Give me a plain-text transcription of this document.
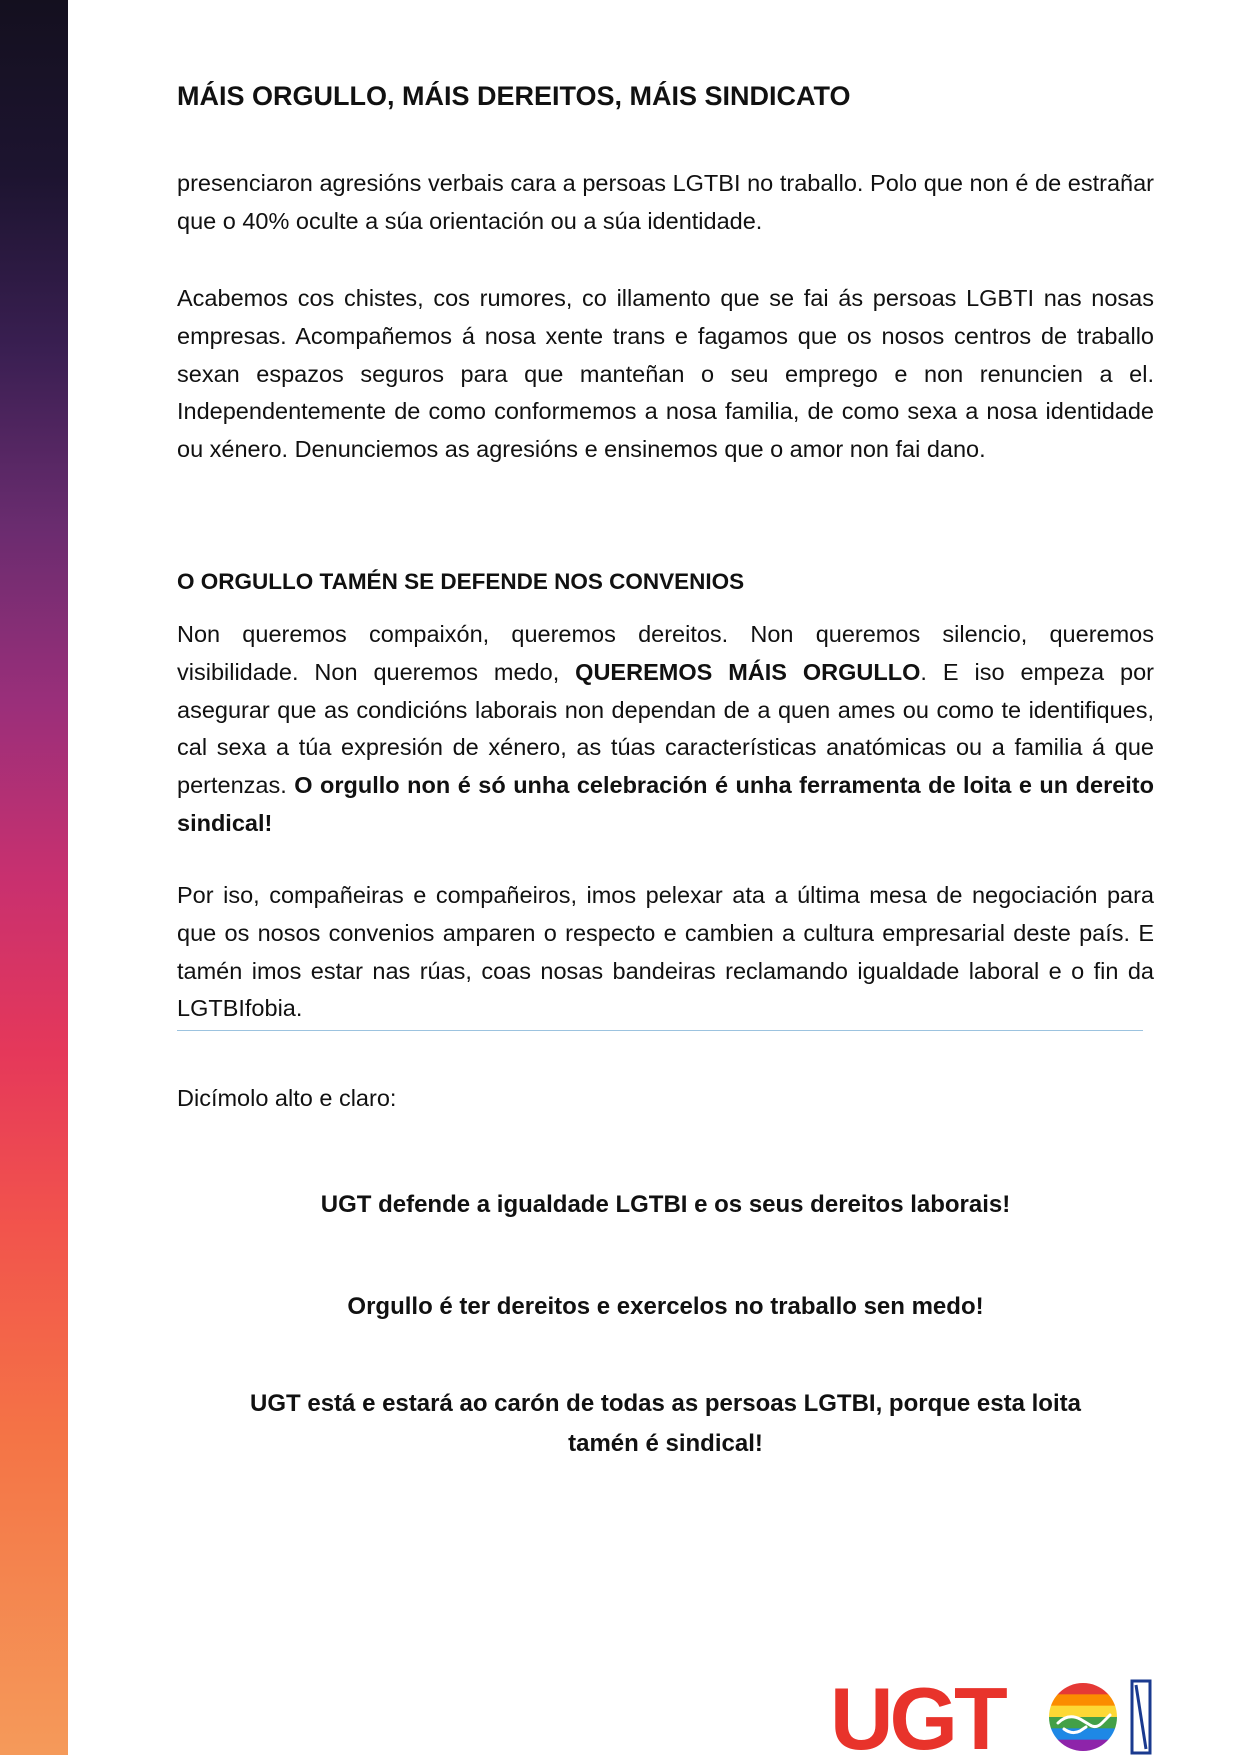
MÁIS ORGULLO, MÁIS DEREITOS, MÁIS SINDICATO

presenciaron agresións verbais cara a persoas LGTBI no traballo. Polo que non é de estrañar que o 40% oculte a súa orientación ou a súa identidade.

Acabemos cos chistes, cos rumores, co illamento que se fai ás persoas LGBTI nas nosas empresas. Acompañemos á nosa xente trans e fagamos que os nosos centros de traballo sexan espazos seguros para que manteñan o seu emprego e non renuncien a el. Independentemente de como conformemos a nosa familia, de como sexa a nosa identidade ou xénero. Denunciemos as agresións e ensinemos que o amor non fai dano.

O ORGULLO TAMÉN SE DEFENDE NOS CONVENIOS

Non queremos compaixón, queremos dereitos. Non queremos silencio, queremos visibilidade. Non queremos medo, QUEREMOS MÁIS ORGULLO. E iso empeza por asegurar que as condicións laborais non dependan de a quen ames ou como te identifiques, cal sexa a túa expresión de xénero, as túas características anatómicas ou a familia á que pertenzas. O orgullo non é só unha celebración é unha ferramenta de loita e un dereito sindical!

Por iso, compañeiras e compañeiros, imos pelexar ata a última mesa de negociación para que os nosos convenios amparen o respecto e cambien a cultura empresarial deste país. E tamén imos estar nas rúas, coas nosas bandeiras reclamando igualdade laboral e o fin da LGTBIfobia.

Dicímolo alto e claro:

UGT defende a igualdade LGTBI e os seus dereitos laborais!

Orgullo é ter dereitos e exercelos no traballo sen medo!

UGT está e estará ao carón de todas as persoas LGTBI, porque esta loita tamén é sindical!

UGT
